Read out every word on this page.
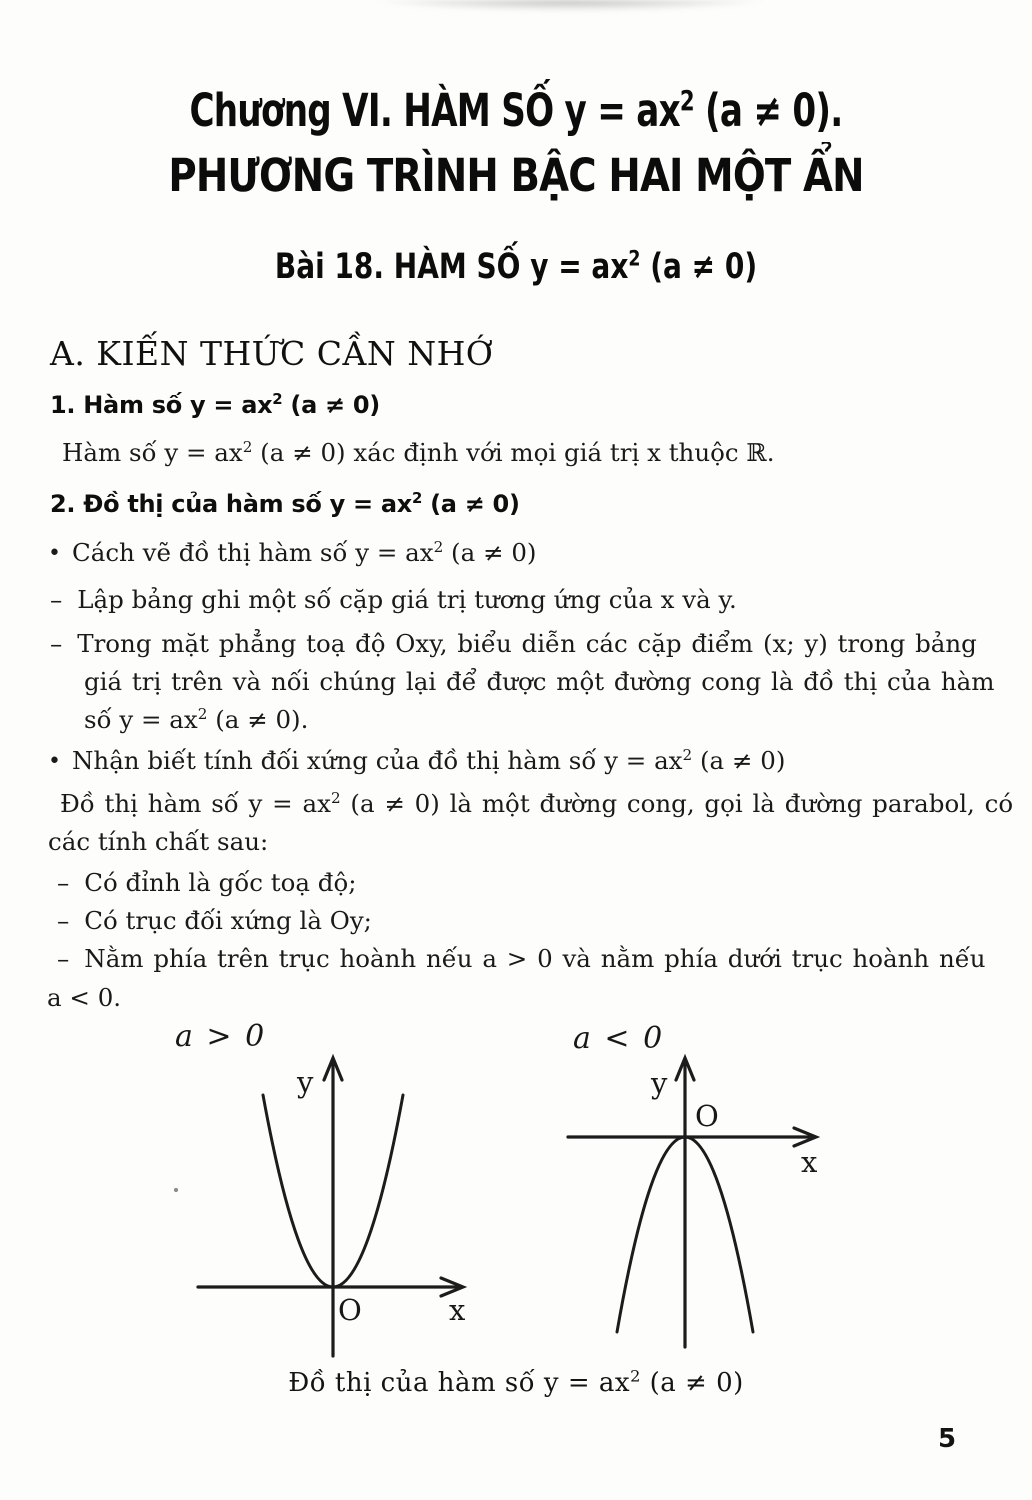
Chương VI. HÀM SỐ $y = ax^2$ (a ≠ 0).
PHƯƠNG TRÌNH BẬC HAI MỘT ẨN
Bài 18. HÀM SỐ $y = ax^2$ (a ≠ 0)
A. KIẾN THỨC CẦN NHỚ
1. Hàm số $y = ax^2$ (a ≠ 0)
Hàm số $y = ax^2$ (a ≠ 0) xác định với mọi giá trị x thuộc ℝ.
2. Đồ thị của hàm số $y = ax^2$ (a ≠ 0)
• Cách vẽ đồ thị hàm số $y = ax^2$ (a ≠ 0)
– Lập bảng ghi một số cặp giá trị tương ứng của x và y.
– Trong mặt phẳng toạ độ Oxy, biểu diễn các cặp điểm (x; y) trong bảng
giá trị trên và nối chúng lại để được một đường cong là đồ thị của hàm
số $y = ax^2$ (a ≠ 0).
• Nhận biết tính đối xứng của đồ thị hàm số $y = ax^2$ (a ≠ 0)
Đồ thị hàm số $y = ax^2$ (a ≠ 0) là một đường cong, gọi là đường parabol, có
các tính chất sau:
– Có đỉnh là gốc toạ độ;
– Có trục đối xứng là Oy;
– Nằm phía trên trục hoành nếu a > 0 và nằm phía dưới trục hoành nếu
a < 0.
a > 0
y
O	x
a < 0
y
O
x
Đồ thị của hàm số $y = ax^2$ (a ≠ 0)
5
